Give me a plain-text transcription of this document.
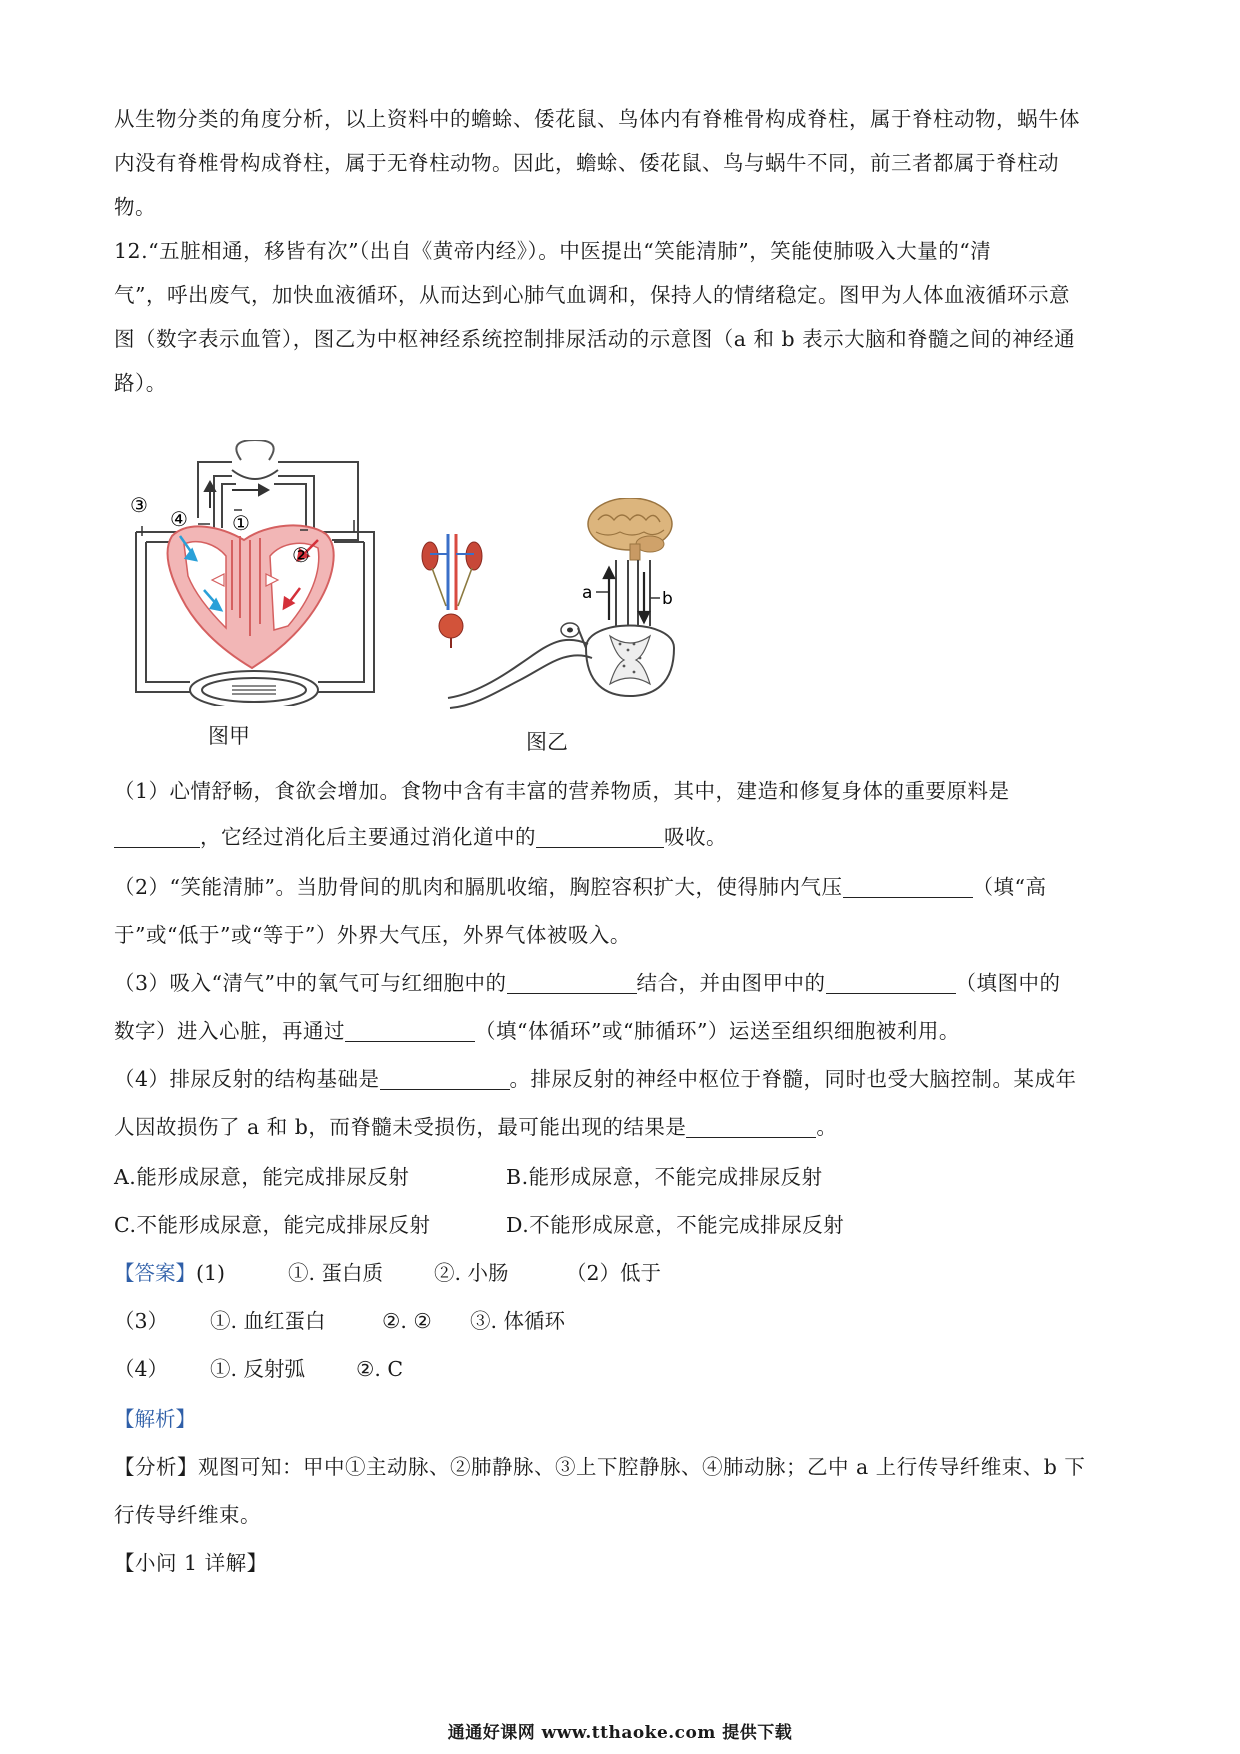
从生物分类的角度分析，以上资料中的蟾蜍、倭花鼠、鸟体内有脊椎骨构成脊柱，属于脊柱动物，蜗牛体
内没有脊椎骨构成脊柱，属于无脊柱动物。因此，蟾蜍、倭花鼠、鸟与蜗牛不同，前三者都属于脊柱动
物。
12.“五脏相通，移皆有次”（出自《黄帝内经》）。中医提出“笑能清肺”，笑能使肺吸入大量的“清
气”，呼出废气，加快血液循环，从而达到心肺气血调和，保持人的情绪稳定。图甲为人体血液循环示意
图（数字表示血管），图乙为中枢神经系统控制排尿活动的示意图（a 和 b 表示大脑和脊髓之间的神经通
路）。
③
④ ①
②
图甲
a	b
图乙
（1）心情舒畅，食欲会增加。食物中含有丰富的营养物质，其中，建造和修复身体的重要原料是
，它经过消化后主要通过消化道中的	吸收。
（2）“笑能清肺”。当肋骨间的肌肉和膈肌收缩，胸腔容积扩大，使得肺内气压	（填“高
于”或“低于”或“等于”）外界大气压，外界气体被吸入。
（3）吸入“清气”中的氧气可与红细胞中的	结合，并由图甲中的	（填图中的
数字）进入心脏，再通过	（填“体循环”或“肺循环”）运送至组织细胞被利用。
（4）排尿反射的结构基础是	。排尿反射的神经中枢位于脊髓，同时也受大脑控制。某成年
人因故损伤了 a 和 b，而脊髓未受损伤，最可能出现的结果是	。
A.能形成尿意，能完成排尿反射	B.能形成尿意，不能完成排尿反射
C.不能形成尿意，能完成排尿反射	D.不能形成尿意，不能完成排尿反射
【答案】(1)	①. 蛋白质 ②. 小肠	（2）低于
（3） ①. 血红蛋白	②. ② ③. 体循环
（4） ①. 反射弧 ②. C
【解析】
【分析】观图可知：甲中①主动脉、②肺静脉、③上下腔静脉、④肺动脉；乙中 a 上行传导纤维束、b 下
行传导纤维束。
【小问 1 详解】
通通好课网 www.tthaoke.com 提供下载
